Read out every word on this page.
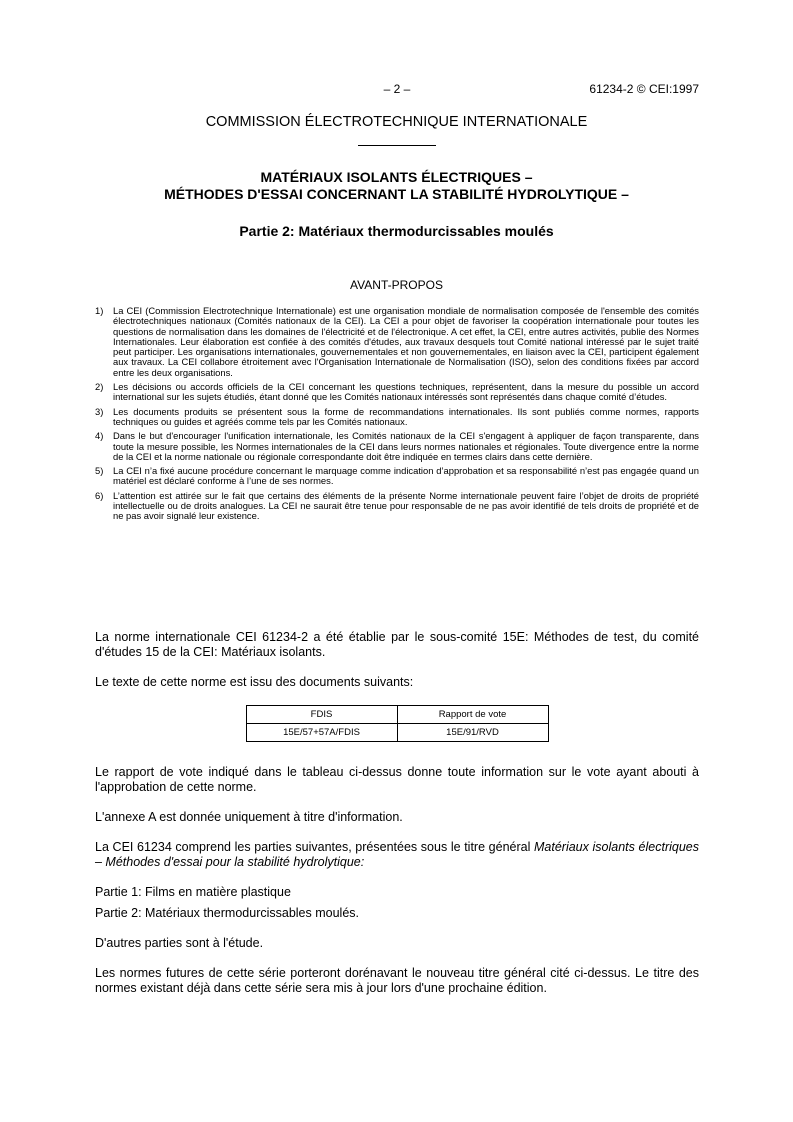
– 2 –	61234-2 © CEI:1997
COMMISSION ÉLECTROTECHNIQUE INTERNATIONALE
MATÉRIAUX ISOLANTS ÉLECTRIQUES –
MÉTHODES D'ESSAI CONCERNANT LA STABILITÉ HYDROLYTIQUE –
Partie 2: Matériaux thermodurcissables moulés
AVANT-PROPOS
1) La CEI (Commission Electrotechnique Internationale) est une organisation mondiale de normalisation composée de l'ensemble des comités électrotechniques nationaux (Comités nationaux de la CEI). La CEI a pour objet de favoriser la coopération internationale pour toutes les questions de normalisation dans les domaines de l'électricité et de l'électronique. A cet effet, la CEI, entre autres activités, publie des Normes Internationales. Leur élaboration est confiée à des comités d'études, aux travaux desquels tout Comité national intéressé par le sujet traité peut participer. Les organisations internationales, gouvernementales et non gouvernementales, en liaison avec la CEI, participent également aux travaux. La CEI collabore étroitement avec l'Organisation Internationale de Normalisation (ISO), selon des conditions fixées par accord entre les deux organisations.
2) Les décisions ou accords officiels de la CEI concernant les questions techniques, représentent, dans la mesure du possible un accord international sur les sujets étudiés, étant donné que les Comités nationaux intéressés sont représentés dans chaque comité d’études.
3) Les documents produits se présentent sous la forme de recommandations internationales. Ils sont publiés comme normes, rapports techniques ou guides et agréés comme tels par les Comités nationaux.
4) Dans le but d'encourager l'unification internationale, les Comités nationaux de la CEI s'engagent à appliquer de façon transparente, dans toute la mesure possible, les Normes internationales de la CEI dans leurs normes nationales et régionales. Toute divergence entre la norme de la CEI et la norme nationale ou régionale correspondante doit être indiquée en termes clairs dans cette dernière.
5) La CEI n’a fixé aucune procédure concernant le marquage comme indication d’approbation et sa responsabilité n’est pas engagée quand un matériel est déclaré conforme à l’une de ses normes.
6) L’attention est attirée sur le fait que certains des éléments de la présente Norme internationale peuvent faire l’objet de droits de propriété intellectuelle ou de droits analogues. La CEI ne saurait être tenue pour responsable de ne pas avoir identifié de tels droits de propriété et de ne pas avoir signalé leur existence.

La norme internationale CEI 61234-2 a été établie par le sous-comité 15E: Méthodes de test, du comité d'études 15 de la CEI: Matériaux isolants.

Le texte de cette norme est issu des documents suivants:

FDIS	Rapport de vote
15E/57+57A/FDIS	15E/91/RVD

Le rapport de vote indiqué dans le tableau ci-dessus donne toute information sur le vote ayant abouti à l'approbation de cette norme.

L'annexe A est donnée uniquement à titre d'information.

La CEI 61234 comprend les parties suivantes, présentées sous le titre général Matériaux isolants électriques – Méthodes d'essai pour la stabilité hydrolytique:

Partie 1: Films en matière plastique

Partie 2: Matériaux thermodurcissables moulés.

D'autres parties sont à l'étude.

Les normes futures de cette série porteront dorénavant le nouveau titre général cité ci-dessus. Le titre des normes existant déjà dans cette série sera mis à jour lors d'une prochaine édition.
